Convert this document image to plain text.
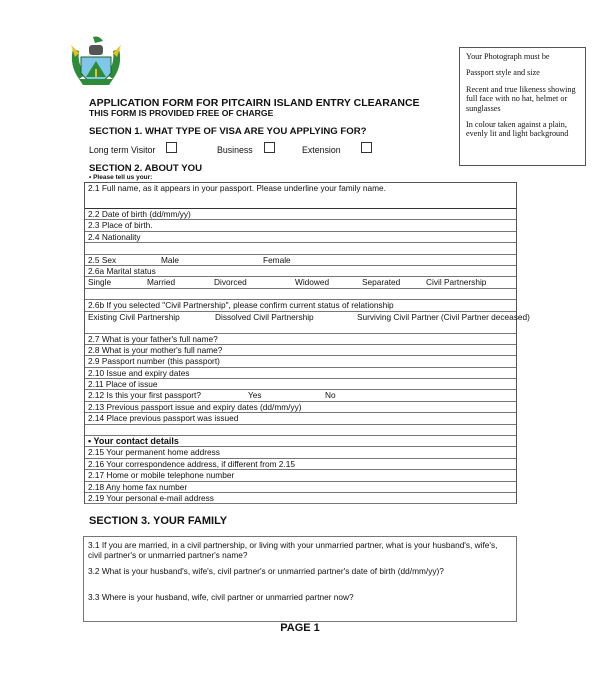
Your Photograph must be

Passport style and size

Recent and true likeness showing full face with no hat, helmet or sunglasses

In colour taken against a plain, evenly lit and light background

APPLICATION FORM FOR PITCAIRN ISLAND ENTRY CLEARANCE
THIS FORM IS PROVIDED FREE OF CHARGE
SECTION 1. WHAT TYPE OF VISA ARE YOU APPLYING FOR?
Long term Visitor	Business	Extension
SECTION 2. ABOUT YOU
• Please tell us your:
2.1 Full name, as it appears in your passport. Please underline your family name.
2.2 Date of birth (dd/mm/yy)
2.3 Place of birth.
2.4 Nationality
2.5 Sex	Male	Female
2.6a Marital status
Single	Married	Divorced	Widowed	Separated	Civil Partnership
2.6b If you selected "Civil Partnership", please confirm current status of relationship
Existing Civil Partnership	Dissolved Civil Partnership	Surviving Civil Partner (Civil Partner deceased)
2.7 What is your father's full name?
2.8 What is your mother's full name?
2.9 Passport number (this passport)
2.10 Issue and expiry dates
2.11 Place of issue
2.12 Is this your first passport?	Yes	No
2.13 Previous passport issue and expiry dates (dd/mm/yy)
2.14 Place previous passport was issued
• Your contact details
2.15 Your permanent home address
2.16 Your correspondence address, if different from 2.15
2.17 Home or mobile telephone number
2.18 Any home fax number
2.19 Your personal e-mail address
SECTION 3. YOUR FAMILY

3.1 If you are married, in a civil partnership, or living with your unmarried partner, what is your husband's, wife's, civil partner's or unmarried partner's name?

3.2 What is your husband's, wife's, civil partner's or unmarried partner's date of birth (dd/mm/yy)?

3.3 Where is your husband, wife, civil partner or unmarried partner now?

PAGE 1
